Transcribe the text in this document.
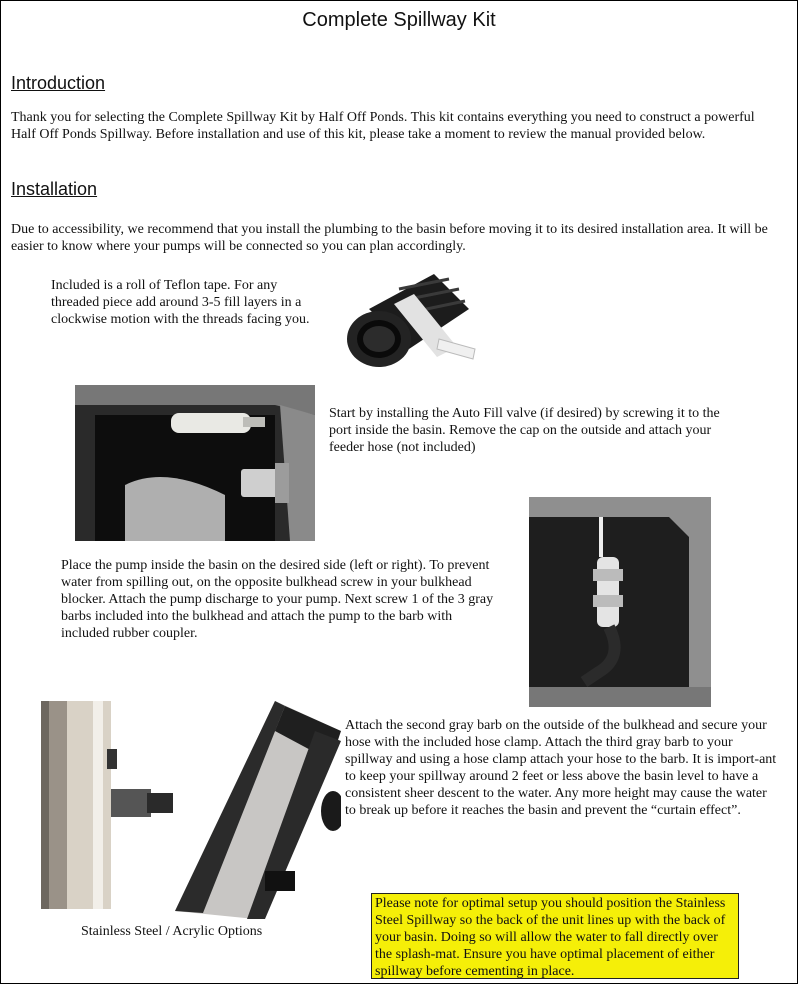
Complete Spillway Kit
Introduction
Thank you for selecting the Complete Spillway Kit by Half Off Ponds. This kit contains everything you need to construct a powerful Half Off Ponds Spillway. Before installation and use of this kit, please take a moment to review the manual provided below.
Installation
Due to accessibility, we recommend that you install the plumbing to the basin before moving it to its desired installation area. It will be easier to know where your pumps will be connected so you can plan accordingly.
Included is a roll of Teflon tape. For any threaded piece add around 3-5 fill layers in a clockwise motion with the threads facing you.
Start by installing the Auto Fill valve (if desired) by screwing it to the port inside the basin. Remove the cap on the outside and attach your feeder hose (not included)
Place the pump inside the basin on the desired side (left or right). To prevent water from spilling out, on the opposite bulkhead screw in your bulkhead blocker. Attach the pump discharge to your pump. Next screw 1 of the 3 gray barbs included into the bulkhead and attach the pump to the barb with included rubber coupler.
Attach the second gray barb on the outside of the bulkhead and secure your hose with the included hose clamp. Attach the third gray barb to your spillway and using a hose clamp attach your hose to the barb. It is import-ant to keep your spillway around 2 feet or less above the basin level to have a consistent sheer descent to the water. Any more height may cause the water to break up before it reaches the basin and prevent the “curtain effect”.
Stainless Steel / Acrylic Options
Please note for optimal setup you should position the Stainless Steel Spillway so the back of the unit lines up with the back of your basin. Doing so will allow the water to fall directly over the splash-mat. Ensure you have optimal placement of either spillway before cementing in place.
